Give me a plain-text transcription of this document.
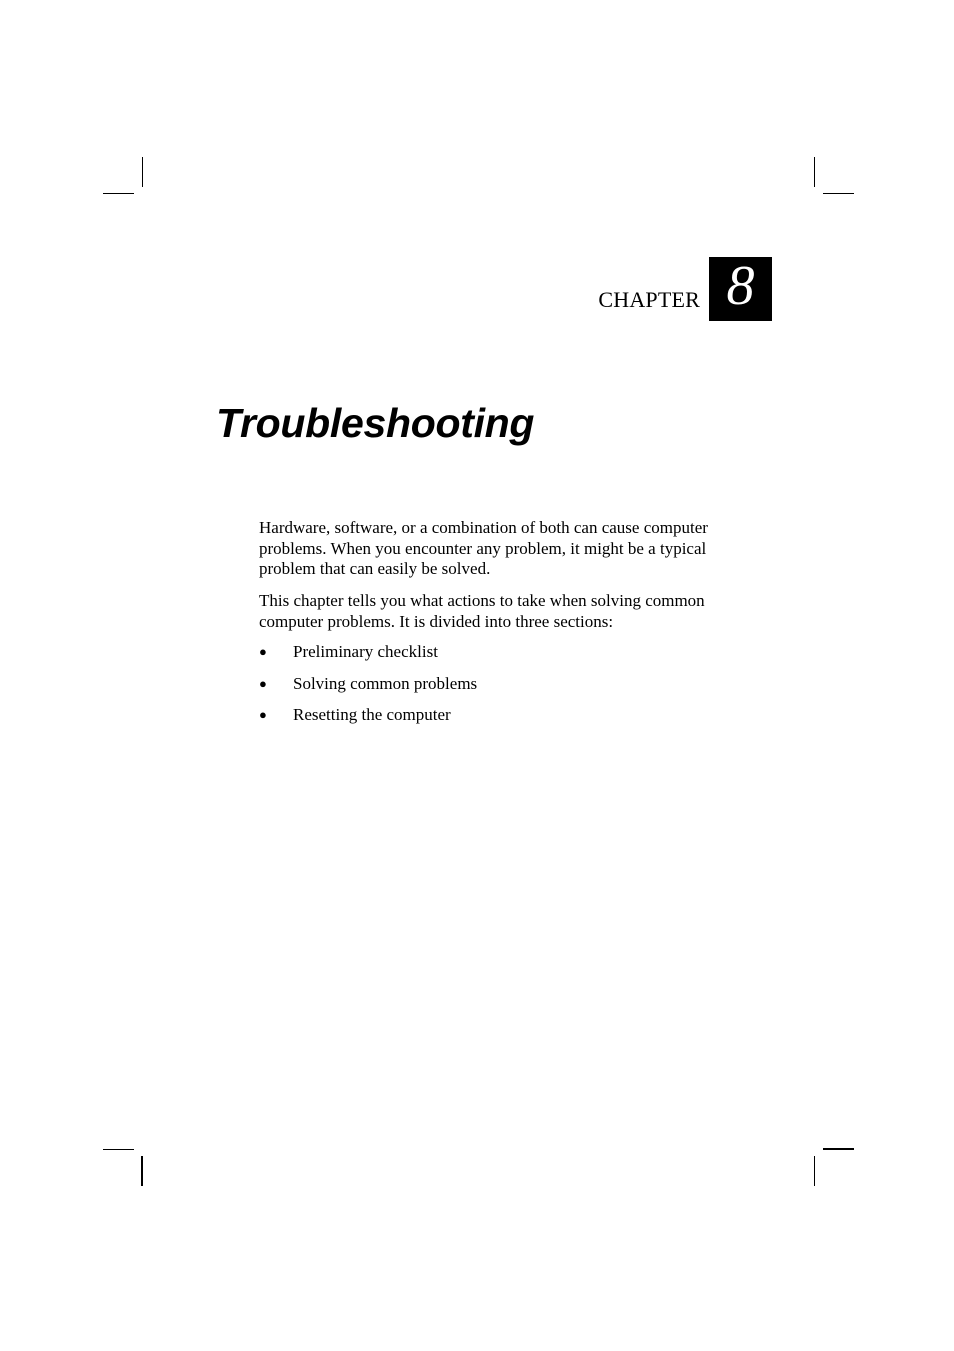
CHAPTER 8
Troubleshooting

Hardware, software, or a combination of both can cause computer problems. When you encounter any problem, it might be a typical problem that can easily be solved.

This chapter tells you what actions to take when solving common computer problems. It is divided into three sections:

● Preliminary checklist
● Solving common problems
● Resetting the computer
